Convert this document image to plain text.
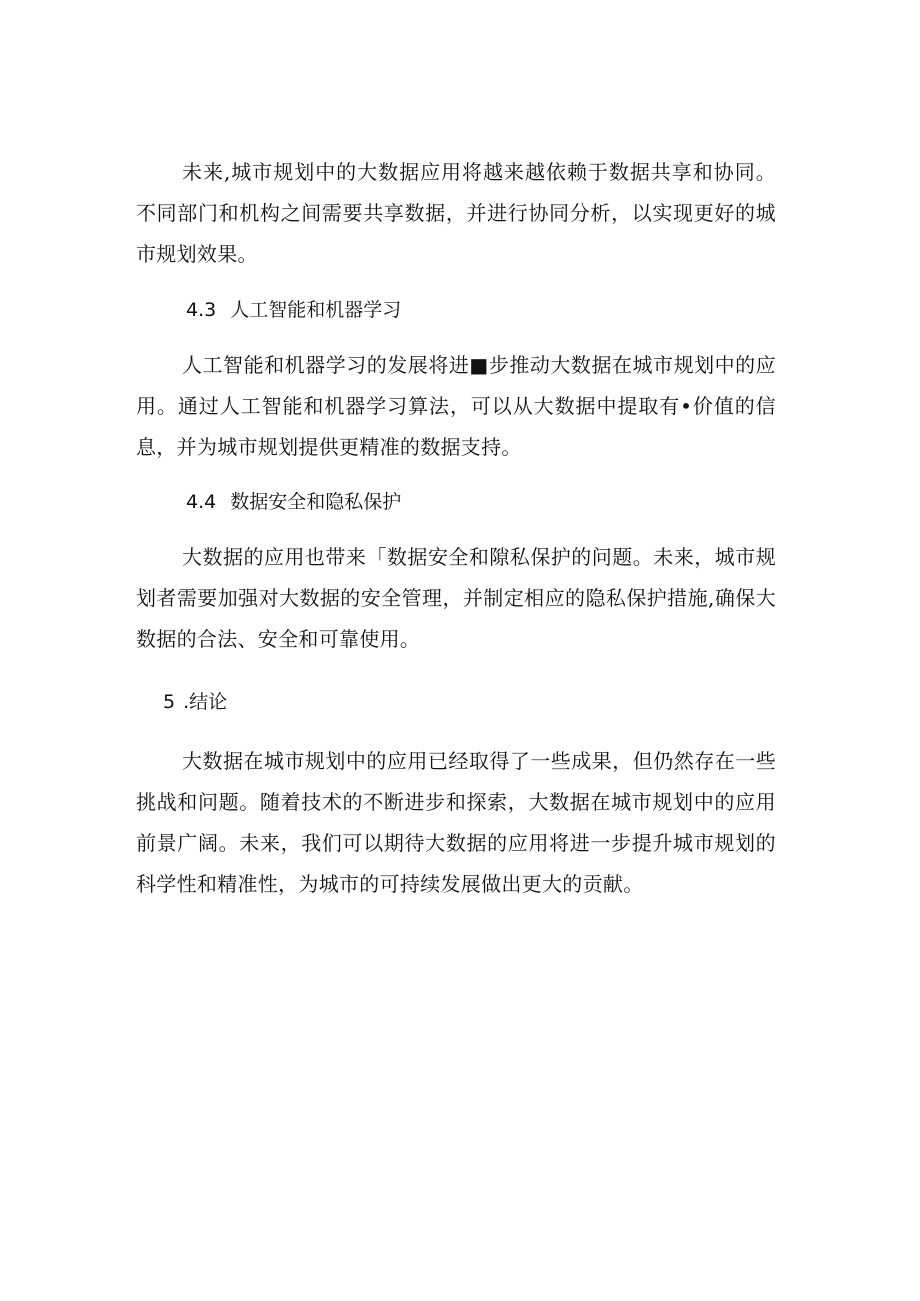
未来,城市规划中的大数据应用将越来越依赖于数据共享和协同。不同部门和机构之间需要共享数据，并进行协同分析，以实现更好的城市规划效果。

4.3 人工智能和机器学习

人工智能和机器学习的发展将进■步推动大数据在城市规划中的应用。通过人工智能和机器学习算法，可以从大数据中提取有•价值的信息，并为城市规划提供更精准的数据支持。

4.4 数据安全和隐私保护

大数据的应用也带来「数据安全和隙私保护的问题。未来，城市规划者需要加强对大数据的安全管理，并制定相应的隐私保护措施,确保大数据的合法、安全和可靠使用。

5 .结论

大数据在城市规划中的应用已经取得了一些成果，但仍然存在一些挑战和问题。随着技术的不断进步和探索，大数据在城市规划中的应用前景广阔。未来，我们可以期待大数据的应用将进一步提升城市规划的科学性和精准性，为城市的可持续发展做出更大的贡献。
